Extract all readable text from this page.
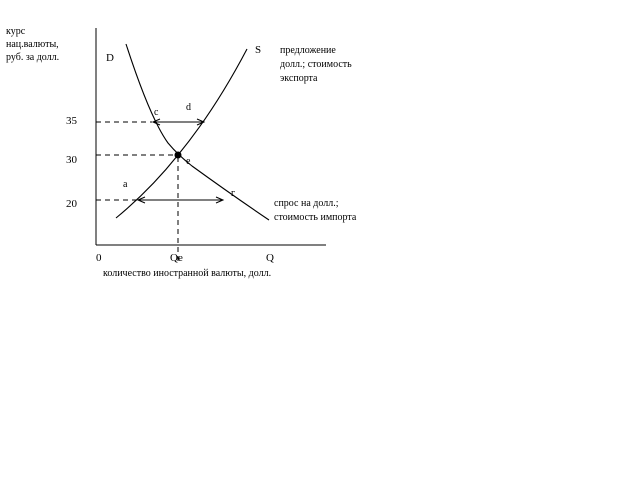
курс
нац.валюты,
руб. за долл.
35
30
20
0	Qe	Q
количество иностранной валюты, долл.
D
S
c	d
e
a
г
предложение
долл.; стоимость
экспорта
спрос на долл.;
стоимость импорта
